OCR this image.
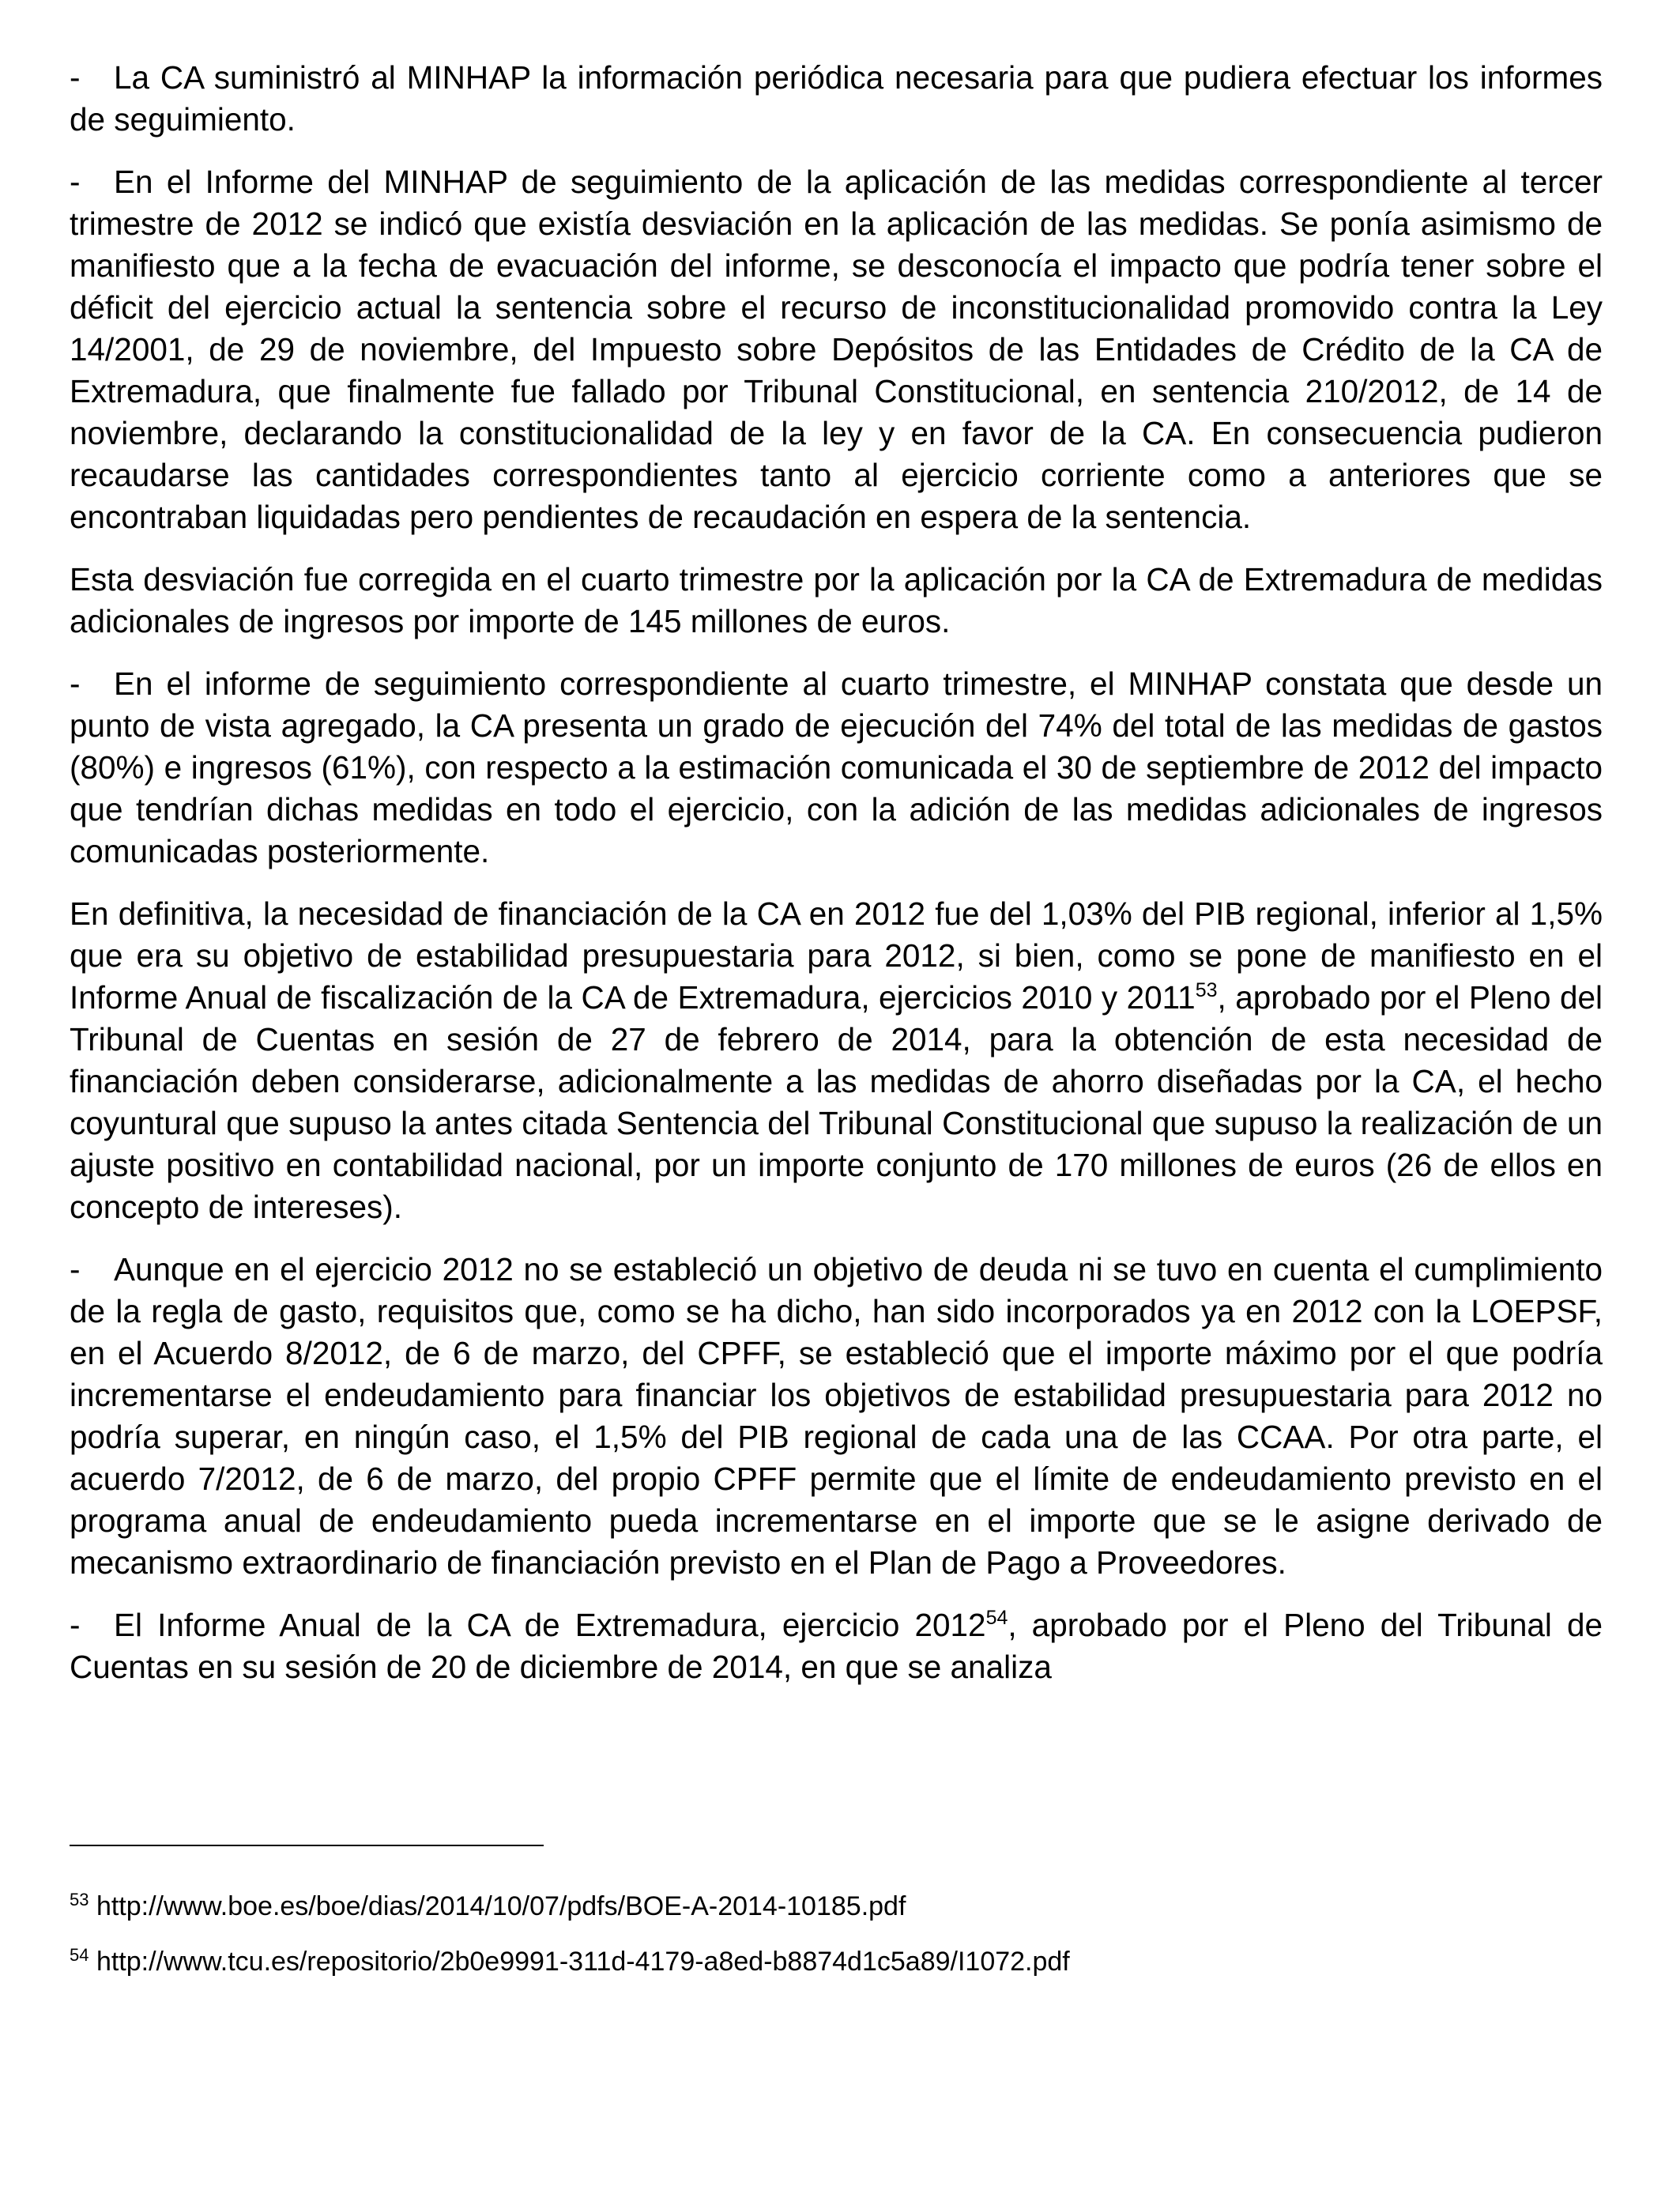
- La CA suministró al MINHAP la información periódica necesaria para que pudiera efectuar los informes de seguimiento.

- En el Informe del MINHAP de seguimiento de la aplicación de las medidas correspondiente al tercer trimestre de 2012 se indicó que existía desviación en la aplicación de las medidas. Se ponía asimismo de manifiesto que a la fecha de evacuación del informe, se desconocía el impacto que podría tener sobre el déficit del ejercicio actual la sentencia sobre el recurso de inconstitucionalidad promovido contra la Ley 14/2001, de 29 de noviembre, del Impuesto sobre Depósitos de las Entidades de Crédito de la CA de Extremadura, que finalmente fue fallado por Tribunal Constitucional, en sentencia 210/2012, de 14 de noviembre, declarando la constitucionalidad de la ley y en favor de la CA. En consecuencia pudieron recaudarse las cantidades correspondientes tanto al ejercicio corriente como a anteriores que se encontraban liquidadas pero pendientes de recaudación en espera de la sentencia.

Esta desviación fue corregida en el cuarto trimestre por la aplicación por la CA de Extremadura de medidas adicionales de ingresos por importe de 145 millones de euros.

- En el informe de seguimiento correspondiente al cuarto trimestre, el MINHAP constata que desde un punto de vista agregado, la CA presenta un grado de ejecución del 74% del total de las medidas de gastos (80%) e ingresos (61%), con respecto a la estimación comunicada el 30 de septiembre de 2012 del impacto que tendrían dichas medidas en todo el ejercicio, con la adición de las medidas adicionales de ingresos comunicadas posteriormente.

En definitiva, la necesidad de financiación de la CA en 2012 fue del 1,03% del PIB regional, inferior al 1,5% que era su objetivo de estabilidad presupuestaria para 2012, si bien, como se pone de manifiesto en el Informe Anual de fiscalización de la CA de Extremadura, ejercicios 2010 y 2011$^{53}$, aprobado por el Pleno del Tribunal de Cuentas en sesión de 27 de febrero de 2014, para la obtención de esta necesidad de financiación deben considerarse, adicionalmente a las medidas de ahorro diseñadas por la CA, el hecho coyuntural que supuso la antes citada Sentencia del Tribunal Constitucional que supuso la realización de un ajuste positivo en contabilidad nacional, por un importe conjunto de 170 millones de euros (26 de ellos en concepto de intereses).

- Aunque en el ejercicio 2012 no se estableció un objetivo de deuda ni se tuvo en cuenta el cumplimiento de la regla de gasto, requisitos que, como se ha dicho, han sido incorporados ya en 2012 con la LOEPSF, en el Acuerdo 8/2012, de 6 de marzo, del CPFF, se estableció que el importe máximo por el que podría incrementarse el endeudamiento para financiar los objetivos de estabilidad presupuestaria para 2012 no podría superar, en ningún caso, el 1,5% del PIB regional de cada una de las CCAA. Por otra parte, el acuerdo 7/2012, de 6 de marzo, del propio CPFF permite que el límite de endeudamiento previsto en el programa anual de endeudamiento pueda incrementarse en el importe que se le asigne derivado de mecanismo extraordinario de financiación previsto en el Plan de Pago a Proveedores.

- El Informe Anual de la CA de Extremadura, ejercicio 2012$^{54}$, aprobado por el Pleno del Tribunal de Cuentas en su sesión de 20 de diciembre de 2014, en que se analiza

$^{53}$ http://www.boe.es/boe/dias/2014/10/07/pdfs/BOE-A-2014-10185.pdf

$^{54}$ http://www.tcu.es/repositorio/2b0e9991-311d-4179-a8ed-b8874d1c5a89/I1072.pdf
